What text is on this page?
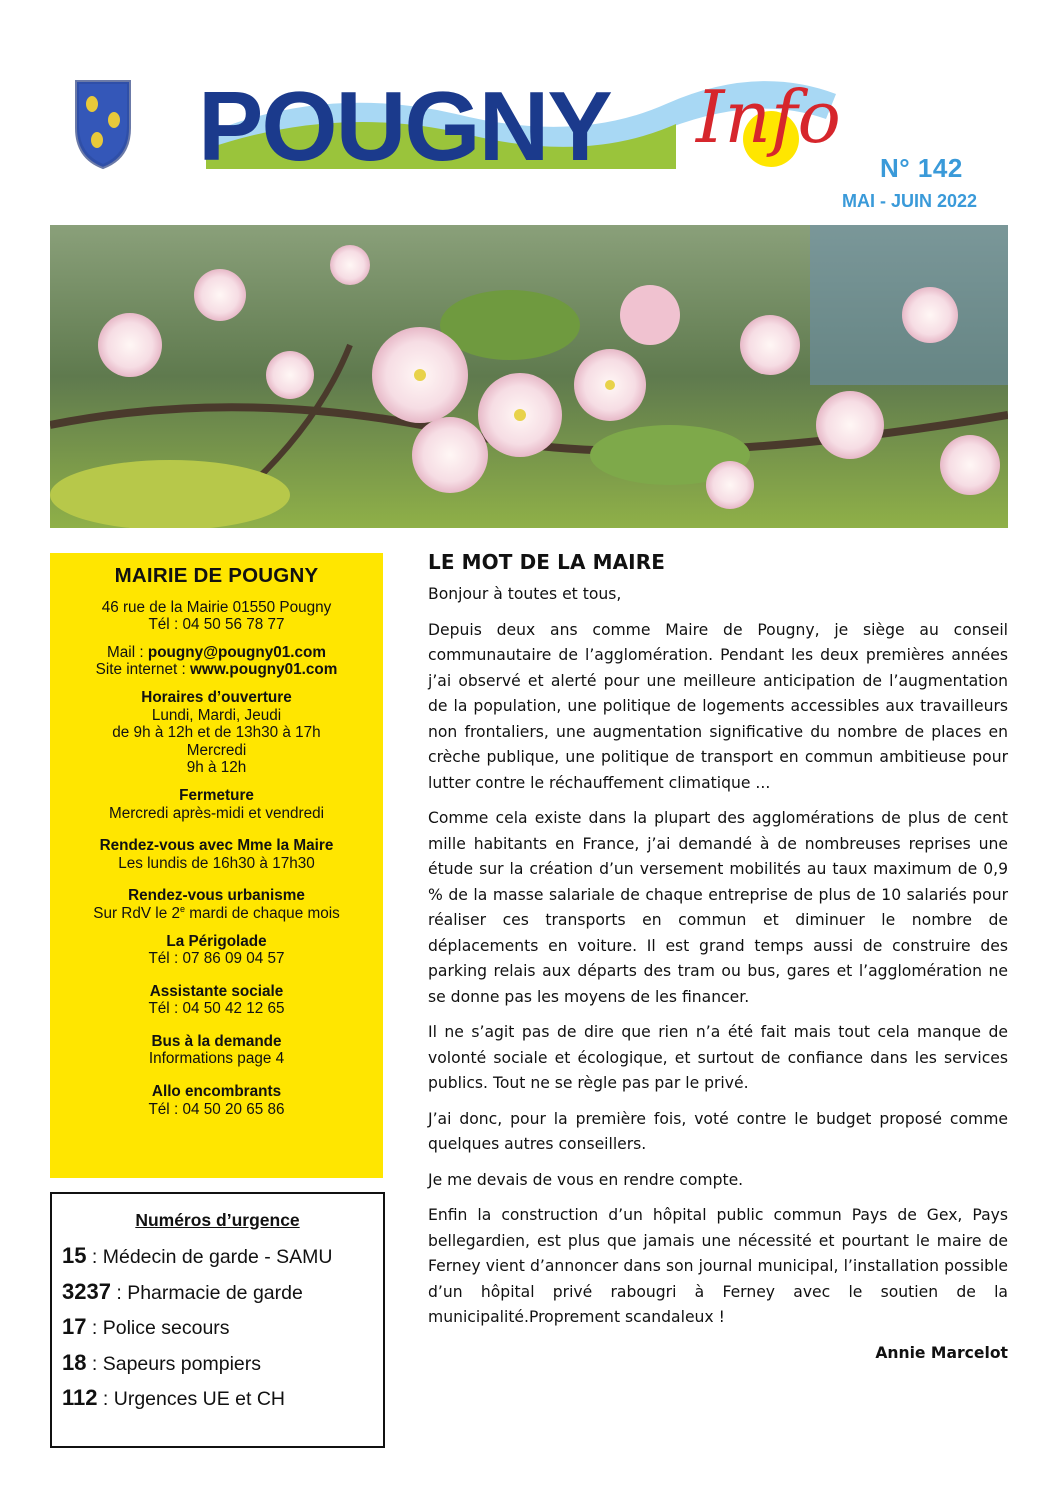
POUGNY Info
N° 142
MAI - JUIN 2022
MAIRIE DE POUGNY
46 rue de la Mairie 01550 Pougny
Tél : 04 50 56 78 77
Mail : pougny@pougny01.com
Site internet : www.pougny01.com
Horaires d’ouverture
Lundi, Mardi, Jeudi
de 9h à 12h et de 13h30 à 17h
Mercredi
9h à 12h
Fermeture
Mercredi après-midi et vendredi
Rendez-vous avec Mme la Maire
Les lundis de 16h30 à 17h30
Rendez-vous urbanisme
Sur RdV le 2e mardi de chaque mois
La Périgolade
Tél : 07 86 09 04 57
Assistante sociale
Tél : 04 50 42 12 65
Bus à la demande
Informations page 4
Allo encombrants
Tél : 04 50 20 65 86
Numéros d’urgence
15 : Médecin de garde - SAMU
3237 : Pharmacie de garde
17 : Police secours
18 : Sapeurs pompiers
112 : Urgences UE et CH
LE MOT DE LA MAIRE

Bonjour à toutes et tous,

Depuis deux ans comme Maire de Pougny, je siège au conseil communautaire de l’agglomération. Pendant les deux premières années j’ai observé et alerté pour une meilleure anticipation de l’augmentation de la population, une politique de logements accessibles aux travailleurs non frontaliers, une augmentation significative du nombre de places en crèche publique, une politique de transport en commun ambitieuse pour lutter contre le réchauffement climatique ...

Comme cela existe dans la plupart des agglomérations de plus de cent mille habitants en France, j’ai demandé à de nombreuses reprises une étude sur la création d’un versement mobilités au taux maximum de 0,9 % de la masse salariale de chaque entreprise de plus de 10 salariés pour réaliser ces transports en commun et diminuer le nombre de déplacements en voiture. Il est grand temps aussi de construire des parking relais aux départs des tram ou bus, gares et l’agglomération ne se donne pas les moyens de les financer.

Il ne s’agit pas de dire que rien n’a été fait mais tout cela manque de volonté sociale et écologique, et surtout de confiance dans les services publics. Tout ne se règle pas par le privé.

J’ai donc, pour la première fois, voté contre le budget proposé comme quelques autres conseillers.

Je me devais de vous en rendre compte.

Enfin la construction d’un hôpital public commun Pays de Gex, Pays bellegardien, est plus que jamais une nécessité et pourtant le maire de Ferney vient d’annoncer dans son journal municipal, l’installation possible d’un hôpital privé rabougri à Ferney avec le soutien de la municipalité.Proprement scandaleux !

Annie Marcelot
